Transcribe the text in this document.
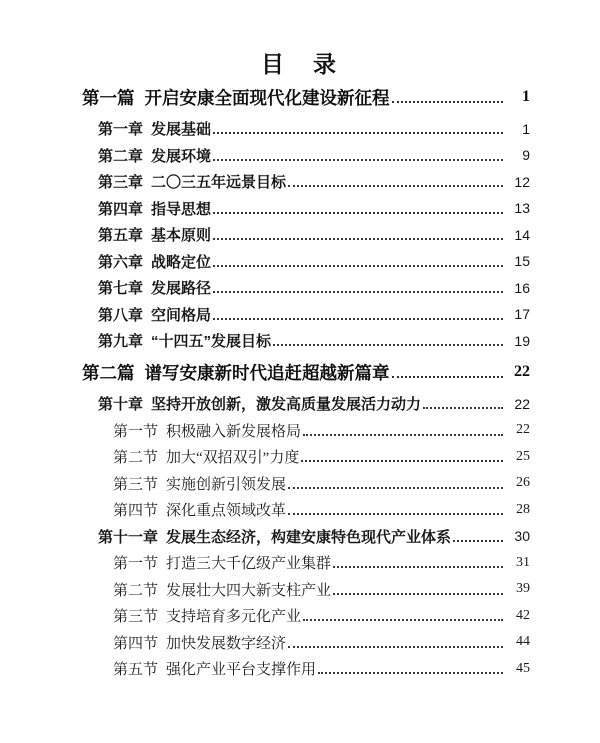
目　录
第一篇 开启安康全面现代化建设新征程	1
第一章 发展基础	1
第二章 发展环境	9
第三章 二〇三五年远景目标	12
第四章 指导思想	13
第五章 基本原则	14
第六章 战略定位	15
第七章 发展路径	16
第八章 空间格局	17
第九章 “十四五”发展目标	19
第二篇 谱写安康新时代追赶超越新篇章	22
第十章 坚持开放创新，激发高质量发展活力动力	22
第一节 积极融入新发展格局	22
第二节 加大“双招双引”力度	25
第三节 实施创新引领发展	26
第四节 深化重点领域改革	28
第十一章 发展生态经济，构建安康特色现代产业体系	30
第一节 打造三大千亿级产业集群	31
第二节 发展壮大四大新支柱产业	39
第三节 支持培育多元化产业	42
第四节 加快发展数字经济	44
第五节 强化产业平台支撑作用	45
